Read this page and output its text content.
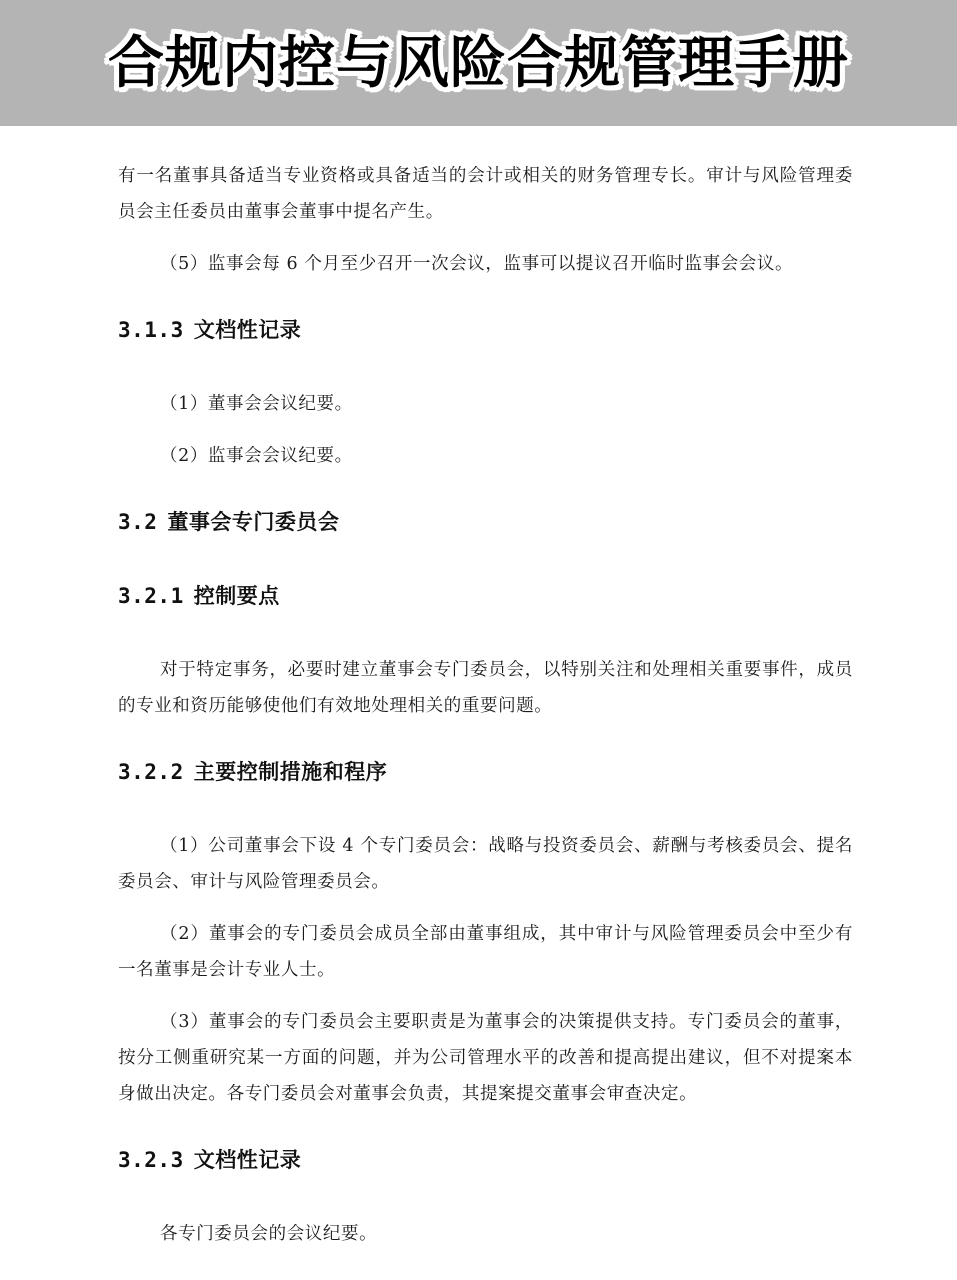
合规内控与风险合规管理手册

有一名董事具备适当专业资格或具备适当的会计或相关的财务管理专长。审计与风险管理委员会主任委员由董事会董事中提名产生。

（5）监事会每 6 个月至少召开一次会议，监事可以提议召开临时监事会会议。

3.1.3 文档性记录

（1）董事会会议纪要。

（2）监事会会议纪要。

3.2 董事会专门委员会
3.2.1 控制要点

对于特定事务，必要时建立董事会专门委员会，以特别关注和处理相关重要事件，成员的专业和资历能够使他们有效地处理相关的重要问题。

3.2.2 主要控制措施和程序

（1）公司董事会下设 4 个专门委员会：战略与投资委员会、薪酬与考核委员会、提名委员会、审计与风险管理委员会。

（2）董事会的专门委员会成员全部由董事组成，其中审计与风险管理委员会中至少有一名董事是会计专业人士。

（3）董事会的专门委员会主要职责是为董事会的决策提供支持。专门委员会的董事，按分工侧重研究某一方面的问题，并为公司管理水平的改善和提高提出建议，但不对提案本身做出决定。各专门委员会对董事会负责，其提案提交董事会审查决定。

3.2.3 文档性记录

各专门委员会的会议纪要。
